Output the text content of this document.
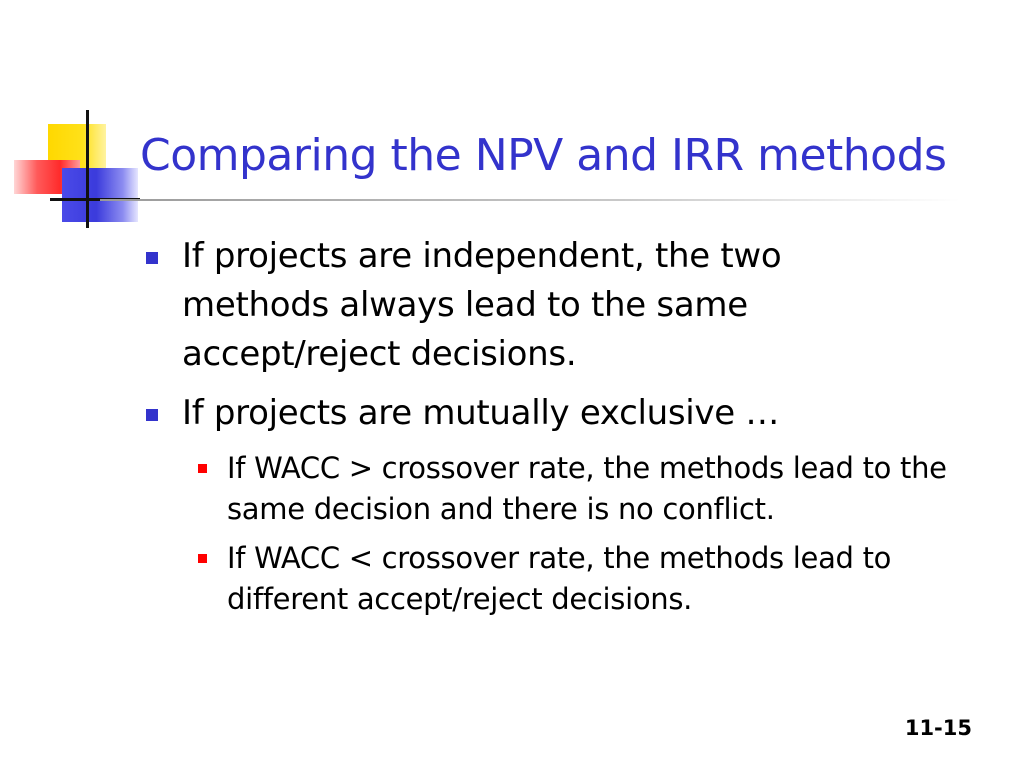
Comparing the NPV and IRR methods
If projects are independent, the two methods always lead to the same accept/reject decisions.
If projects are mutually exclusive …
If WACC > crossover rate, the methods lead to the same decision and there is no conflict.
If WACC < crossover rate, the methods lead to different accept/reject decisions.
11-15
